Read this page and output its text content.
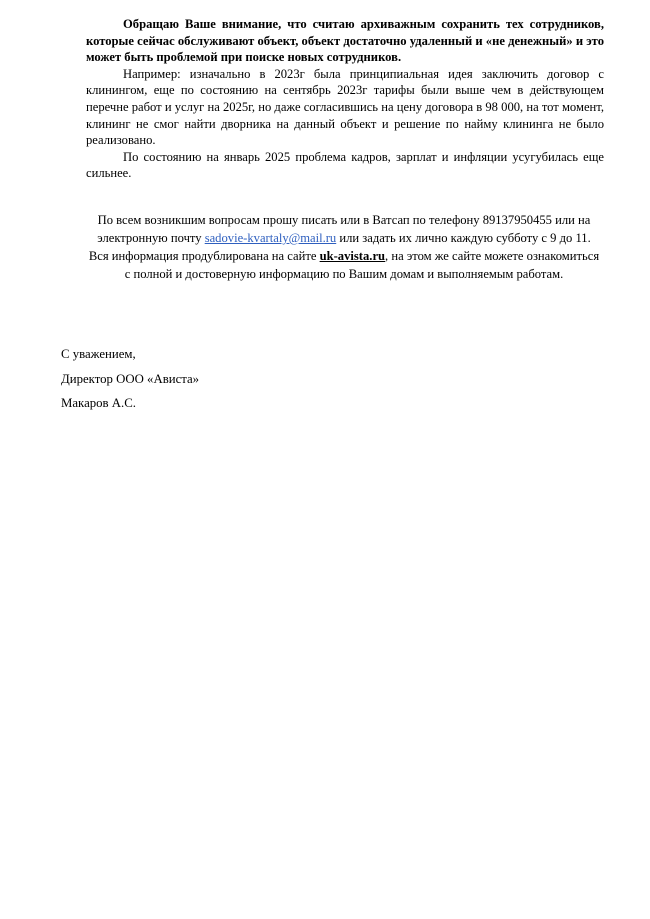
Обращаю Ваше внимание, что считаю архиважным сохранить тех сотрудников, которые сейчас обслуживают объект, объект достаточно удаленный и «не денежный» и это может быть проблемой при поиске новых сотрудников.

Например: изначально в 2023г была принципиальная идея заключить договор с клинингом, еще по состоянию на сентябрь 2023г тарифы были выше чем в действующем перечне работ и услуг на 2025г, но даже согласившись на цену договора в 98 000, на тот момент, клининг не смог найти дворника на данный объект и решение по найму клининга не было реализовано.

По состоянию на январь 2025 проблема кадров, зарплат и инфляции усугубилась еще сильнее.

По всем возникшим вопросам прошу писать или в Ватсап по телефону 89137950455 или на электронную почту sadovie-kvartaly@mail.ru или задать их лично каждую субботу с 9 до 11.

Вся информация продублирована на сайте uk-avista.ru, на этом же сайте можете ознакомиться с полной и достоверную информацию по Вашим домам и выполняемым работам.

С уважением,
Директор ООО «Ависта»
Макаров А.С.
